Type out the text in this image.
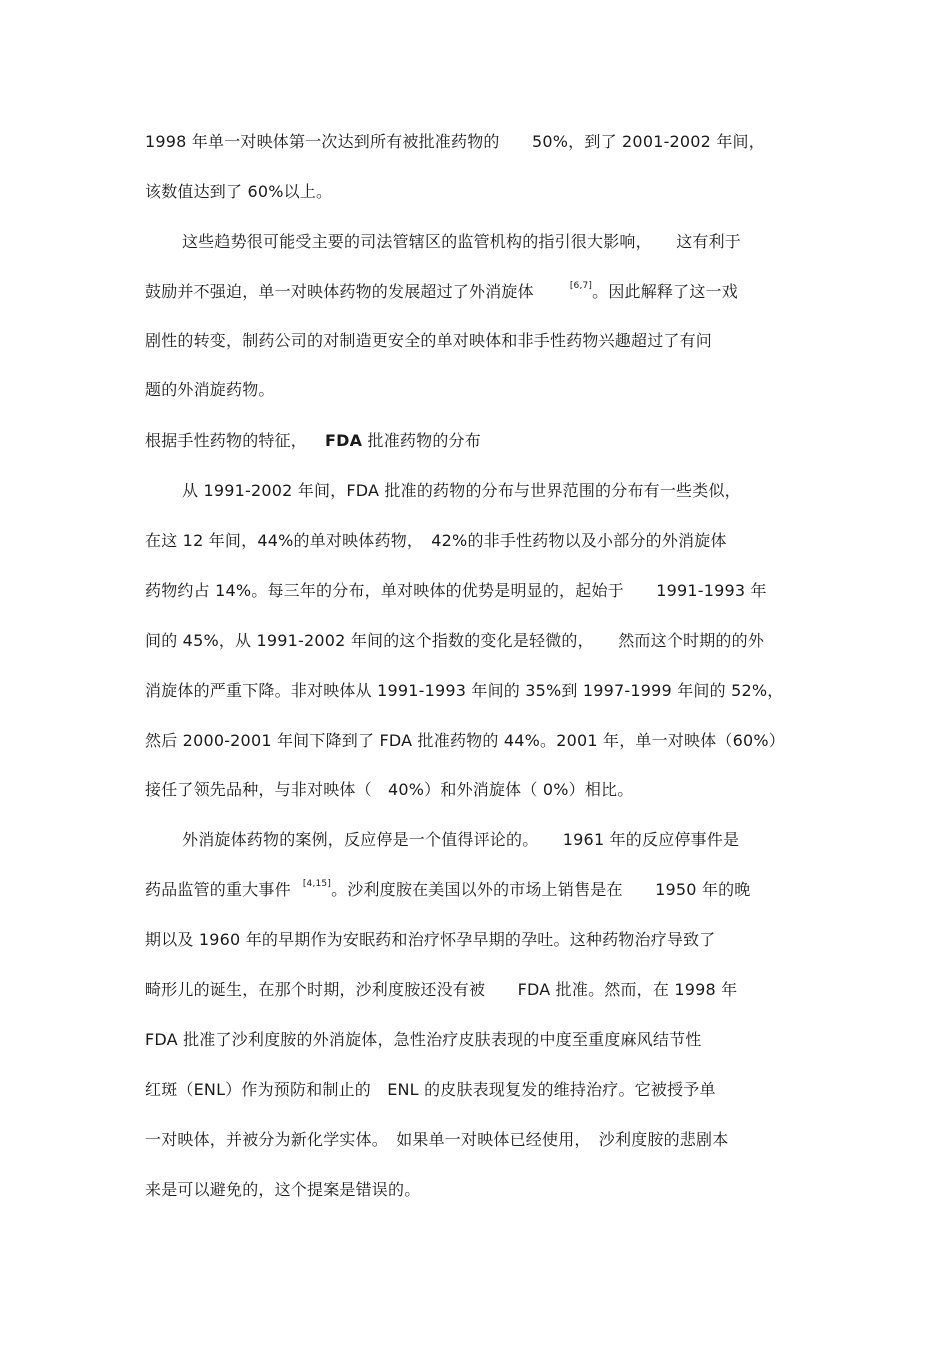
1998 年单一对映体第一次达到所有被批准药物的　　50%，到了 2001-2002 年间，
该数值达到了 60%以上。
这些趋势很可能受主要的司法管辖区的监管机构的指引很大影响，　　这有利于
鼓励并不强迫，单一对映体药物的发展超过了外消旋体	[6,7]。因此解释了这一戏
剧性的转变，制药公司的对制造更安全的单对映体和非手性药物兴趣超过了有问
题的外消旋药物。
根据手性药物的特征， FDA 批准药物的分布
从 1991-2002 年间，FDA 批准的药物的分布与世界范围的分布有一些类似，
在这 12 年间，44%的单对映体药物，　42%的非手性药物以及小部分的外消旋体
药物约占 14%。每三年的分布，单对映体的优势是明显的，起始于　　1991-1993 年
间的 45%，从 1991-2002 年间的这个指数的变化是轻微的，　　然而这个时期的的外
消旋体的严重下降。非对映体从 1991-1993 年间的 35%到 1997-1999 年间的 52%，
然后 2000-2001 年间下降到了 FDA 批准药物的 44%。2001 年，单一对映体（60%）
接任了领先品种，与非对映体（　40%）和外消旋体（ 0%）相比。
外消旋体药物的案例，反应停是一个值得评论的。　　1961 年的反应停事件是
药品监管的重大事件 [4,15]。沙利度胺在美国以外的市场上销售是在　　1950 年的晚
期以及 1960 年的早期作为安眠药和治疗怀孕早期的孕吐。这种药物治疗导致了
畸形儿的诞生，在那个时期，沙利度胺还没有被　　FDA 批准。然而，在 1998 年
FDA 批准了沙利度胺的外消旋体，急性治疗皮肤表现的中度至重度麻风结节性
红斑（ENL）作为预防和制止的　ENL 的皮肤表现复发的维持治疗。它被授予单
一对映体，并被分为新化学实体。　如果单一对映体已经使用，　沙利度胺的悲剧本
来是可以避免的，这个提案是错误的。
